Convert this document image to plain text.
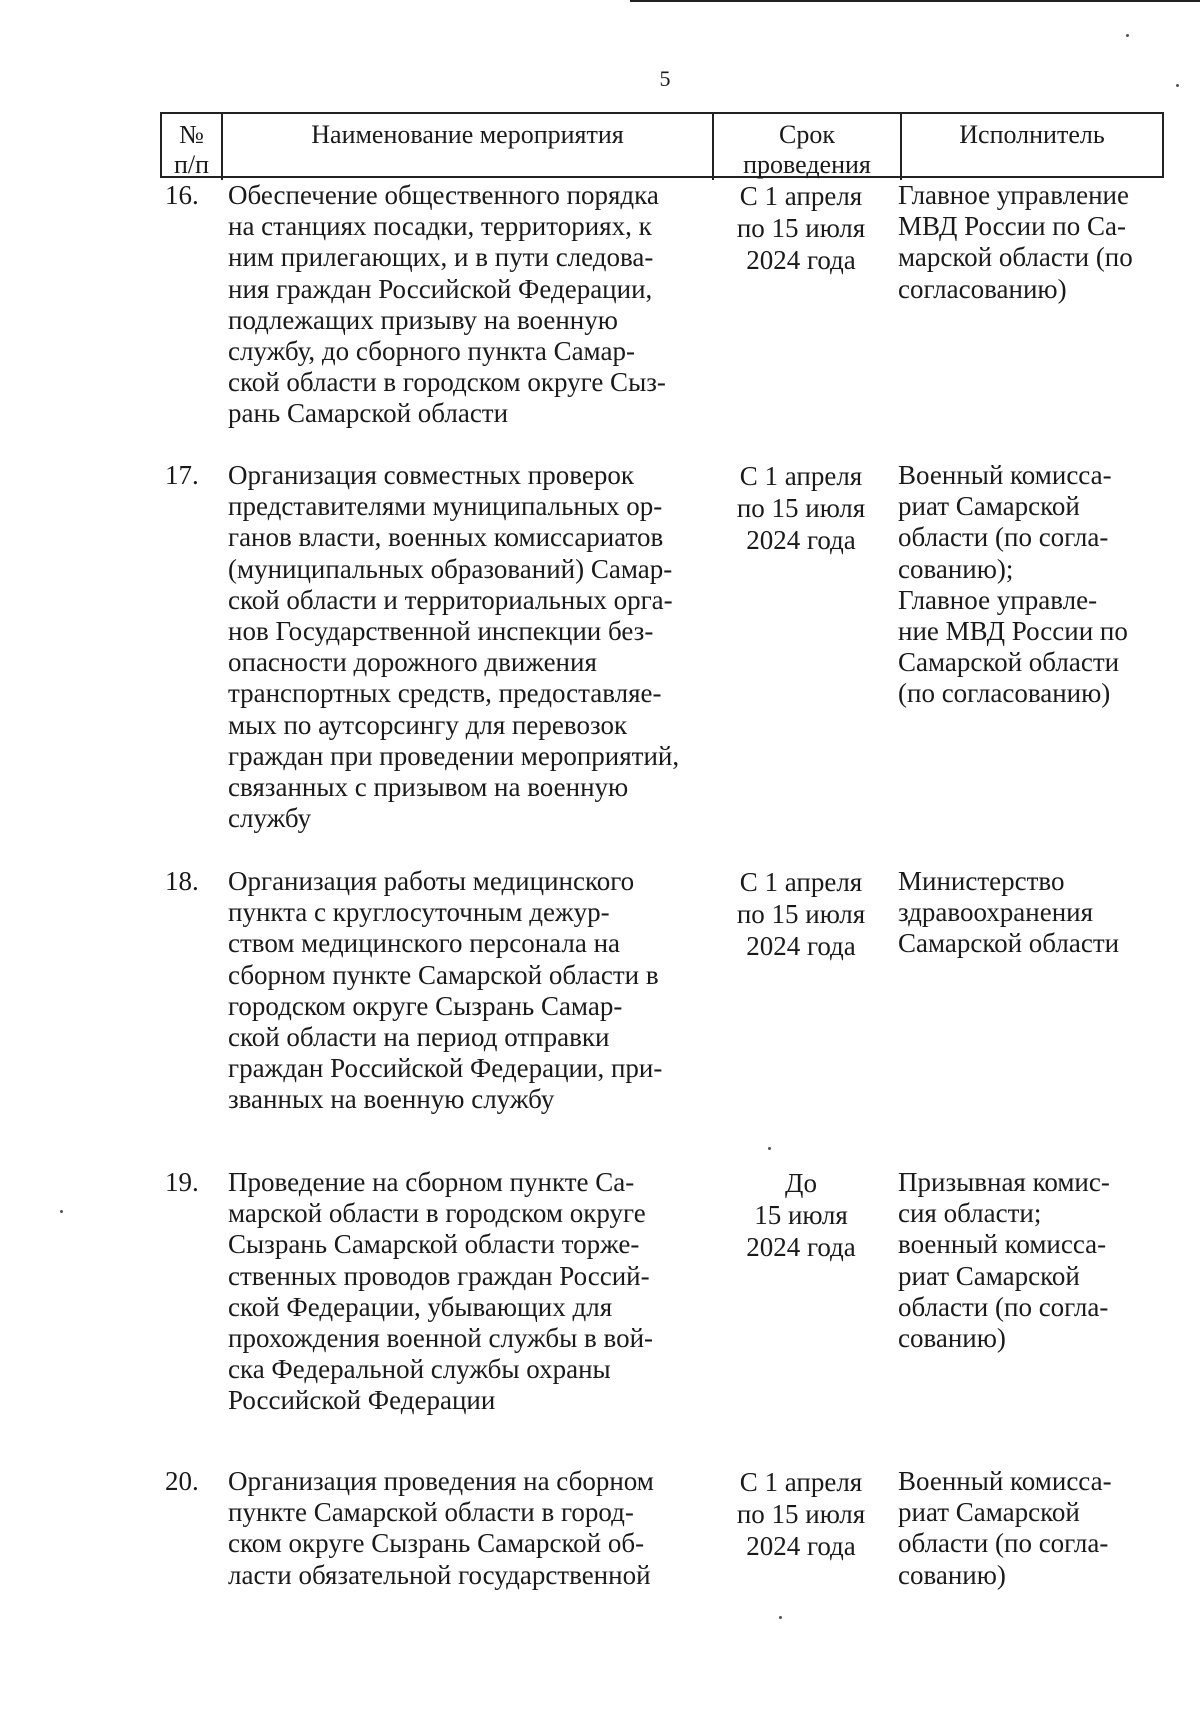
5
№
п/п
Наименование мероприятия	Срок
проведения
Исполнитель
16. Обеспечение общественного порядка
на станциях посадки, территориях, к
ним прилегающих, и в пути следова-
ния граждан Российской Федерации,
подлежащих призыву на военную
службу, до сборного пункта Самар-
ской области в городском округе Сыз-
рань Самарской области
С 1 апреля
по 15 июля
2024 года
Главное управление
МВД России по Са-
марской области (по
согласованию)
17. Организация совместных проверок
представителями муниципальных ор-
ганов власти, военных комиссариатов
(муниципальных образований) Самар-
ской области и территориальных орга-
нов Государственной инспекции без-
опасности дорожного движения
транспортных средств, предоставляе-
мых по аутсорсингу для перевозок
граждан при проведении мероприятий,
связанных с призывом на военную
службу
С 1 апреля
по 15 июля
2024 года
Военный комисса-
риат Самарской
области (по согла-
сованию);
Главное управле-
ние МВД России по
Самарской области
(по согласованию)
18. Организация работы медицинского
пункта с круглосуточным дежур-
ством медицинского персонала на
сборном пункте Самарской области в
городском округе Сызрань Самар-
ской области на период отправки
граждан Российской Федерации, при-
званных на военную службу
С 1 апреля
по 15 июля
2024 года
Министерство
здравоохранения
Самарской области
19. Проведение на сборном пункте Са-
марской области в городском округе
Сызрань Самарской области торже-
ственных проводов граждан Россий-
ской Федерации, убывающих для
прохождения военной службы в вой-
ска Федеральной службы охраны
Российской Федерации
До
15 июля
2024 года
Призывная комис-
сия области;
военный комисса-
риат Самарской
области (по согла-
сованию)
20. Организация проведения на сборном
пункте Самарской области в город-
ском округе Сызрань Самарской об-
ласти обязательной государственной
С 1 апреля
по 15 июля
2024 года
Военный комисса-
риат Самарской
области (по согла-
сованию)
